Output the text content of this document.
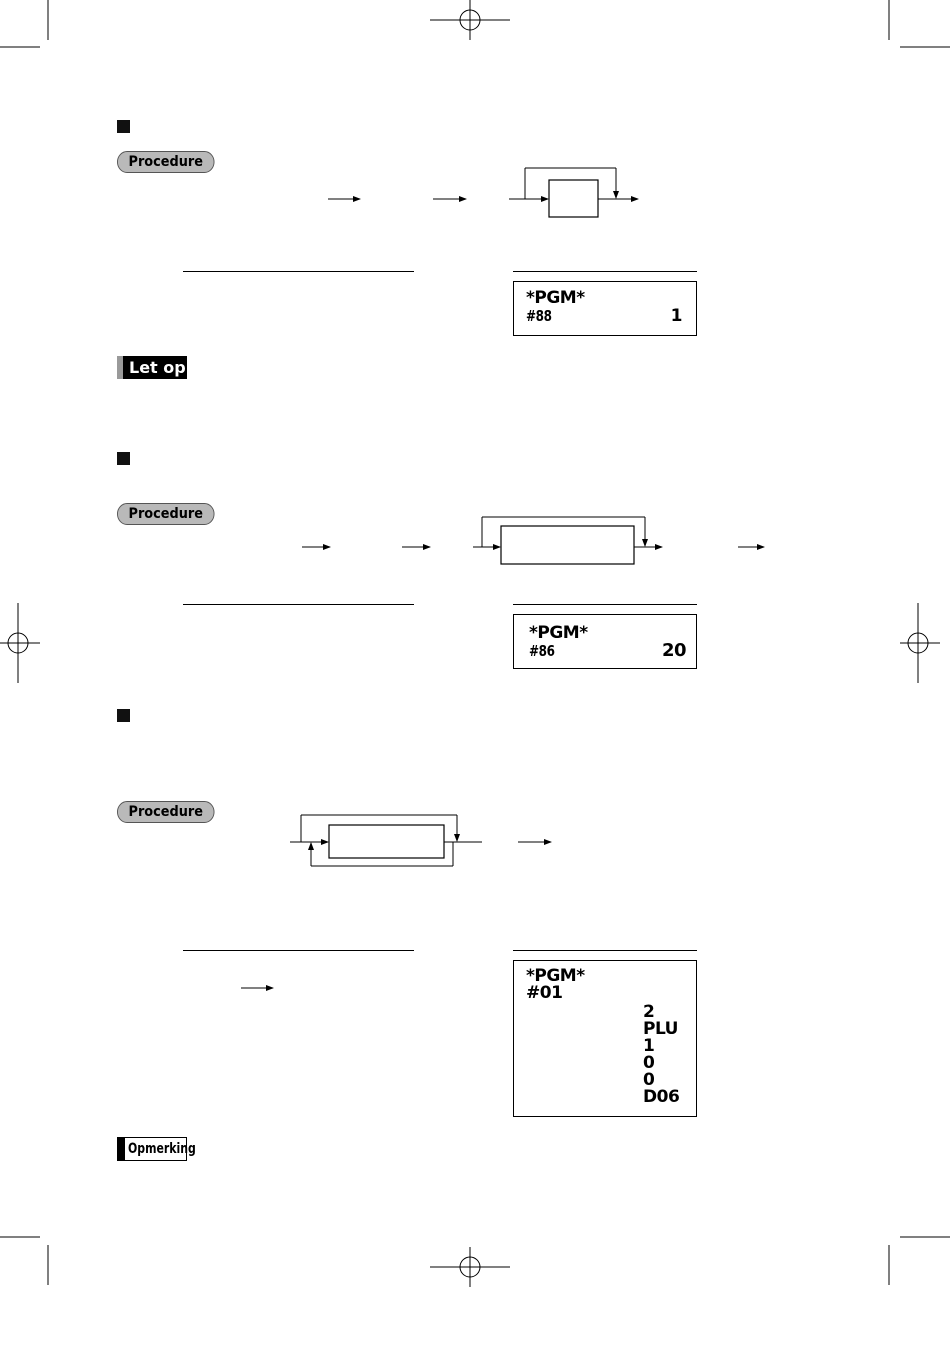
Procedure
*PGM*
#88	1
Let op
Procedure
*PGM*
#86	20
Procedure
*PGM*
#01
2
PLU
1
0
0
D06
Opmerking
